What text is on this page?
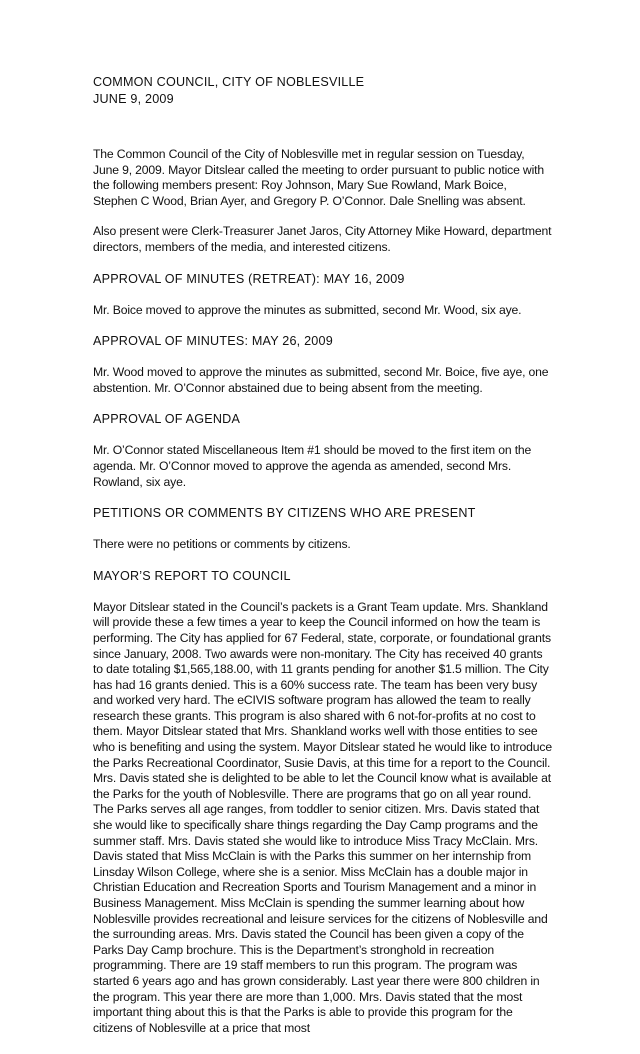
COMMON COUNCIL, CITY OF NOBLESVILLE

JUNE 9, 2009

The Common Council of the City of Noblesville met in regular session on Tuesday, June 9, 2009. Mayor Ditslear called the meeting to order pursuant to public notice with the following members present: Roy Johnson, Mary Sue Rowland, Mark Boice, Stephen C Wood, Brian Ayer, and Gregory P. O’Connor. Dale Snelling was absent.

Also present were Clerk-Treasurer Janet Jaros, City Attorney Mike Howard, department directors, members of the media, and interested citizens.

APPROVAL OF MINUTES (RETREAT): MAY 16, 2009

Mr. Boice moved to approve the minutes as submitted, second Mr. Wood, six aye.

APPROVAL OF MINUTES: MAY 26, 2009

Mr. Wood moved to approve the minutes as submitted, second Mr. Boice, five aye, one abstention. Mr. O’Connor abstained due to being absent from the meeting.

APPROVAL OF AGENDA

Mr. O’Connor stated Miscellaneous Item #1 should be moved to the first item on the agenda. Mr. O’Connor moved to approve the agenda as amended, second Mrs. Rowland, six aye.

PETITIONS OR COMMENTS BY CITIZENS WHO ARE PRESENT

There were no petitions or comments by citizens.

MAYOR’S REPORT TO COUNCIL

Mayor Ditslear stated in the Council’s packets is a Grant Team update. Mrs. Shankland will provide these a few times a year to keep the Council informed on how the team is performing. The City has applied for 67 Federal, state, corporate, or foundational grants since January, 2008. Two awards were non-monitary. The City has received 40 grants to date totaling $1,565,188.00, with 11 grants pending for another $1.5 million. The City has had 16 grants denied. This is a 60% success rate. The team has been very busy and worked very hard. The eCIVIS software program has allowed the team to really research these grants. This program is also shared with 6 not-for-profits at no cost to them. Mayor Ditslear stated that Mrs. Shankland works well with those entities to see who is benefiting and using the system. Mayor Ditslear stated he would like to introduce the Parks Recreational Coordinator, Susie Davis, at this time for a report to the Council. Mrs. Davis stated she is delighted to be able to let the Council know what is available at the Parks for the youth of Noblesville. There are programs that go on all year round. The Parks serves all age ranges, from toddler to senior citizen. Mrs. Davis stated that she would like to specifically share things regarding the Day Camp programs and the summer staff. Mrs. Davis stated she would like to introduce Miss Tracy McClain. Mrs. Davis stated that Miss McClain is with the Parks this summer on her internship from Linsday Wilson College, where she is a senior. Miss McClain has a double major in Christian Education and Recreation Sports and Tourism Management and a minor in Business Management. Miss McClain is spending the summer learning about how Noblesville provides recreational and leisure services for the citizens of Noblesville and the surrounding areas. Mrs. Davis stated the Council has been given a copy of the Parks Day Camp brochure. This is the Department’s stronghold in recreation programming. There are 19 staff members to run this program. The program was started 6 years ago and has grown considerably. Last year there were 800 children in the program. This year there are more than 1,000. Mrs. Davis stated that the most important thing about this is that the Parks is able to provide this program for the citizens of Noblesville at a price that most
